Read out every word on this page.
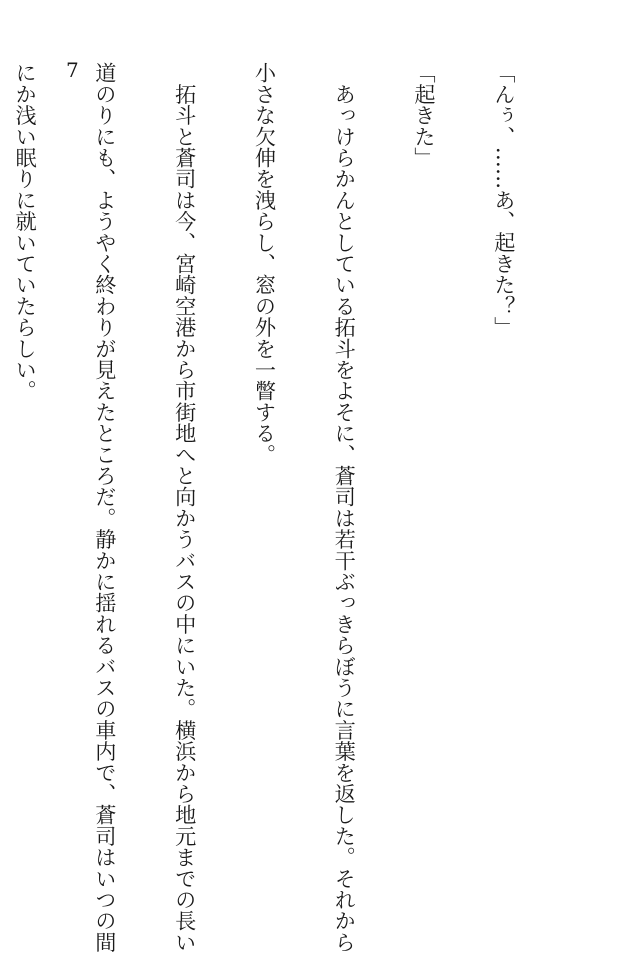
7

	「んぅ、……あ、起きた？」

「起きた」

　あっけらかんとしている拓斗をよそに、蒼司は若干ぶっきらぼうに言葉を返した。それから

小さな欠伸を洩らし、窓の外を一瞥する。

　拓斗と蒼司は今、宮崎空港から市街地へと向かうバスの中にいた。横浜から地元までの長い

道のりにも、ようやく終わりが見えたところだ。静かに揺れるバスの車内で、蒼司はいつの間

にか浅い眠りに就いていたらしい。
